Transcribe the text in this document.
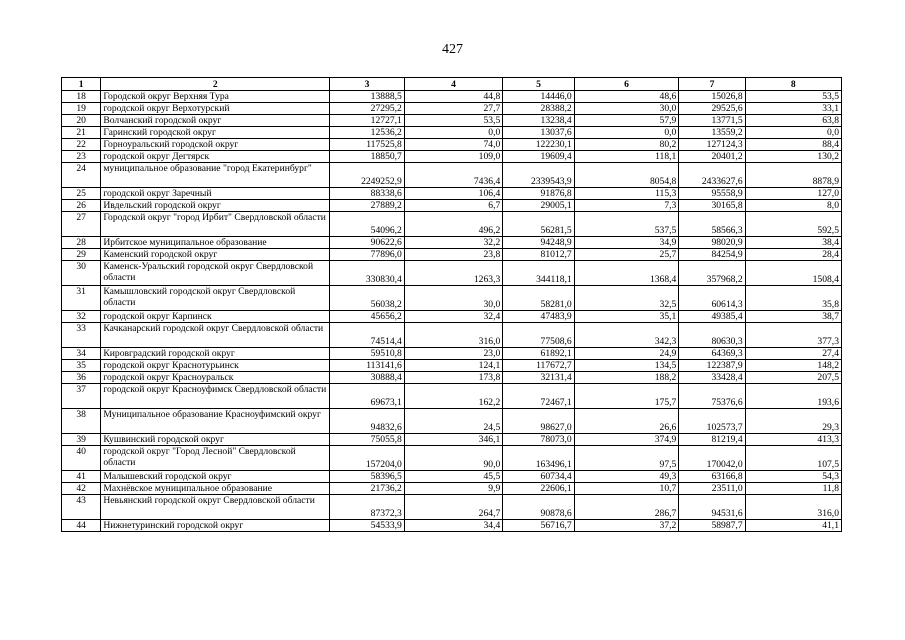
427
1	2	3	4	5	6	7	8
18	Городской округ Верхняя Тура	13888,5	44,8	14446,0	48,6	15026,8	53,5
19	городской округ Верхотурский	27295,2	27,7	28388,2	30,0	29525,6	33,1
20	Волчанский городской округ	12727,1	53,5	13238,4	57,9	13771,5	63,8
21	Гаринский городской округ	12536,2	0,0	13037,6	0,0	13559,2	0,0
22	Горноуральский городской округ	117525,8	74,0	122230,1	80,2	127124,3	88,4
23	городской округ Дегтярск	18850,7	109,0	19609,4	118,1	20401,2	130,2
24	муниципальное образование "город Екатеринбург"	2249252,9	7436,4	2339543,9	8054,8	2433627,6	8878,9
25	городской округ Заречный	88338,6	106,4	91876,8	115,3	95558,9	127,0
26	Ивдельский городской округ	27889,2	6,7	29005,1	7,3	30165,8	8,0
27	Городской округ "город Ирбит" Свердловской области	54096,2	496,2	56281,5	537,5	58566,3	592,5
28	Ирбитское муниципальное образование	90622,6	32,2	94248,9	34,9	98020,9	38,4
29	Каменский городской округ	77896,0	23,8	81012,7	25,7	84254,9	28,4
30	Каменск-Уральский городской округ Свердловской области	330830,4	1263,3	344118,1	1368,4	357968,2	1508,4
31	Камышловский городской округ Свердловской области	56038,2	30,0	58281,0	32,5	60614,3	35,8
32	городской округ Карпинск	45656,2	32,4	47483,9	35,1	49385,4	38,7
33	Качканарский городской округ Свердловской области	74514,4	316,0	77508,6	342,3	80630,3	377,3
34	Кировградский городской округ	59510,8	23,0	61892,1	24,9	64369,3	27,4
35	городской округ Краснотурьинск	113141,6	124,1	117672,7	134,5	122387,9	148,2
36	городской округ Красноуральск	30888,4	173,8	32131,4	188,2	33428,4	207,5
37	городской округ Красноуфимск Свердловской области	69673,1	162,2	72467,1	175,7	75376,6	193,6
38	Муниципальное образование Красноуфимский округ	94832,6	24,5	98627,0	26,6	102573,7	29,3
39	Кушвинский городской округ	75055,8	346,1	78073,0	374,9	81219,4	413,3
40	городской округ "Город Лесной" Свердловской области	157204,0	90,0	163496,1	97,5	170042,0	107,5
41	Малышевский городской округ	58396,5	45,5	60734,4	49,3	63166,8	54,3
42	Махнёвское муниципальное образование	21736,2	9,9	22606,1	10,7	23511,0	11,8
43	Невьянский городской округ Свердловской области	87372,3	264,7	90878,6	286,7	94531,6	316,0
44	Нижнетуринский городской округ	54533,9	34,4	56716,7	37,2	58987,7	41,1
